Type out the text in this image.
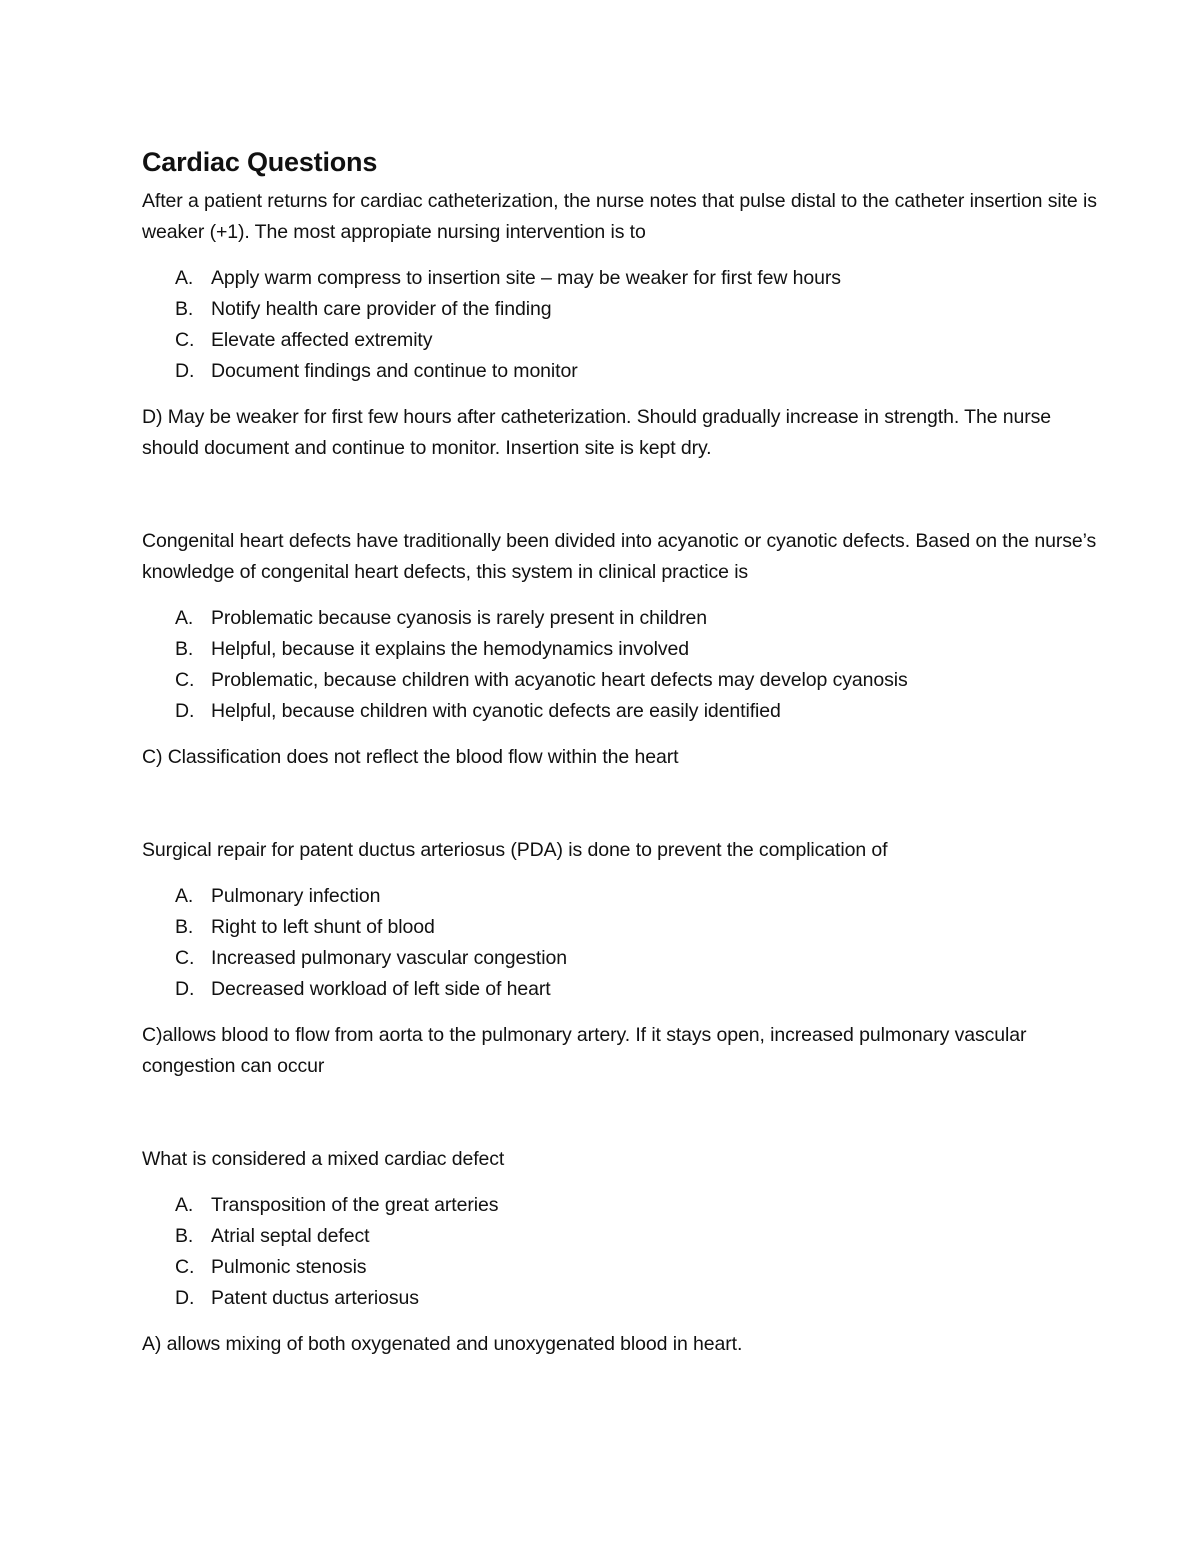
Cardiac Questions

After a patient returns for cardiac catheterization, the nurse notes that pulse distal to the catheter insertion site is weaker (+1). The most appropiate nursing intervention is to

A. Apply warm compress to insertion site – may be weaker for first few hours
B. Notify health care provider of the finding
C. Elevate affected extremity
D. Document findings and continue to monitor

D) May be weaker for first few hours after catheterization. Should gradually increase in strength. The nurse should document and continue to monitor. Insertion site is kept dry.

Congenital heart defects have traditionally been divided into acyanotic or cyanotic defects. Based on the nurse’s knowledge of congenital heart defects, this system in clinical practice is

A. Problematic because cyanosis is rarely present in children
B. Helpful, because it explains the hemodynamics involved
C. Problematic, because children with acyanotic heart defects may develop cyanosis
D. Helpful, because children with cyanotic defects are easily identified

C) Classification does not reflect the blood flow within the heart

Surgical repair for patent ductus arteriosus (PDA) is done to prevent the complication of

A. Pulmonary infection
B. Right to left shunt of blood
C. Increased pulmonary vascular congestion
D. Decreased workload of left side of heart

C)allows blood to flow from aorta to the pulmonary artery. If it stays open, increased pulmonary vascular congestion can occur

What is considered a mixed cardiac defect

A. Transposition of the great arteries
B. Atrial septal defect
C. Pulmonic stenosis
D. Patent ductus arteriosus

A) allows mixing of both oxygenated and unoxygenated blood in heart.
